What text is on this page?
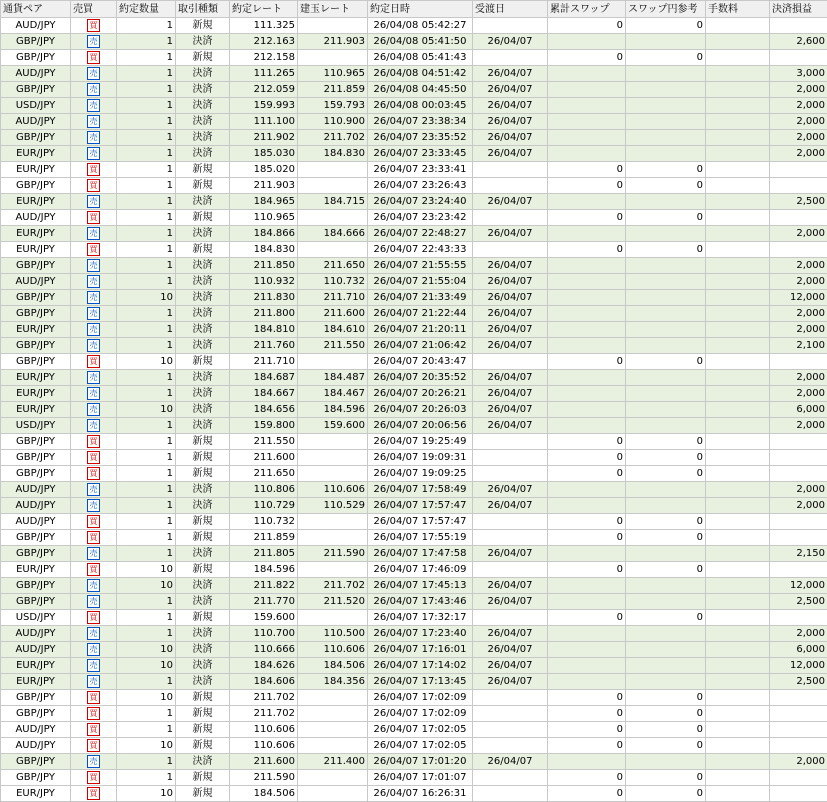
通貨ペア	売買	約定数量	取引種類	約定レート	建玉レート	約定日時	受渡日	累計スワップ	スワップ円参考	手数料	決済損益
AUD/JPY	買	1	新規	111.325		26/04/08 05:42:27		0	0		
GBP/JPY	売	1	決済	212.163	211.903	26/04/08 05:41:50	26/04/07				2,600
GBP/JPY	買	1	新規	212.158		26/04/08 05:41:43		0	0		
AUD/JPY	売	1	決済	111.265	110.965	26/04/08 04:51:42	26/04/07				3,000
GBP/JPY	売	1	決済	212.059	211.859	26/04/08 04:45:50	26/04/07				2,000
USD/JPY	売	1	決済	159.993	159.793	26/04/08 00:03:45	26/04/07				2,000
AUD/JPY	売	1	決済	111.100	110.900	26/04/07 23:38:34	26/04/07				2,000
GBP/JPY	売	1	決済	211.902	211.702	26/04/07 23:35:52	26/04/07				2,000
EUR/JPY	売	1	決済	185.030	184.830	26/04/07 23:33:45	26/04/07				2,000
EUR/JPY	買	1	新規	185.020		26/04/07 23:33:41		0	0		
GBP/JPY	買	1	新規	211.903		26/04/07 23:26:43		0	0		
EUR/JPY	売	1	決済	184.965	184.715	26/04/07 23:24:40	26/04/07				2,500
AUD/JPY	買	1	新規	110.965		26/04/07 23:23:42		0	0		
EUR/JPY	売	1	決済	184.866	184.666	26/04/07 22:48:27	26/04/07				2,000
EUR/JPY	買	1	新規	184.830		26/04/07 22:43:33		0	0		
GBP/JPY	売	1	決済	211.850	211.650	26/04/07 21:55:55	26/04/07				2,000
AUD/JPY	売	1	決済	110.932	110.732	26/04/07 21:55:04	26/04/07				2,000
GBP/JPY	売	10	決済	211.830	211.710	26/04/07 21:33:49	26/04/07				12,000
GBP/JPY	売	1	決済	211.800	211.600	26/04/07 21:22:44	26/04/07				2,000
EUR/JPY	売	1	決済	184.810	184.610	26/04/07 21:20:11	26/04/07				2,000
GBP/JPY	売	1	決済	211.760	211.550	26/04/07 21:06:42	26/04/07				2,100
GBP/JPY	買	10	新規	211.710		26/04/07 20:43:47		0	0		
EUR/JPY	売	1	決済	184.687	184.487	26/04/07 20:35:52	26/04/07				2,000
EUR/JPY	売	1	決済	184.667	184.467	26/04/07 20:26:21	26/04/07				2,000
EUR/JPY	売	10	決済	184.656	184.596	26/04/07 20:26:03	26/04/07				6,000
USD/JPY	売	1	決済	159.800	159.600	26/04/07 20:06:56	26/04/07				2,000
GBP/JPY	買	1	新規	211.550		26/04/07 19:25:49		0	0		
GBP/JPY	買	1	新規	211.600		26/04/07 19:09:31		0	0		
GBP/JPY	買	1	新規	211.650		26/04/07 19:09:25		0	0		
AUD/JPY	売	1	決済	110.806	110.606	26/04/07 17:58:49	26/04/07				2,000
AUD/JPY	売	1	決済	110.729	110.529	26/04/07 17:57:47	26/04/07				2,000
AUD/JPY	買	1	新規	110.732		26/04/07 17:57:47		0	0		
GBP/JPY	買	1	新規	211.859		26/04/07 17:55:19		0	0		
GBP/JPY	売	1	決済	211.805	211.590	26/04/07 17:47:58	26/04/07				2,150
EUR/JPY	買	10	新規	184.596		26/04/07 17:46:09		0	0		
GBP/JPY	売	10	決済	211.822	211.702	26/04/07 17:45:13	26/04/07				12,000
GBP/JPY	売	1	決済	211.770	211.520	26/04/07 17:43:46	26/04/07				2,500
USD/JPY	買	1	新規	159.600		26/04/07 17:32:17		0	0		
AUD/JPY	売	1	決済	110.700	110.500	26/04/07 17:23:40	26/04/07				2,000
AUD/JPY	売	10	決済	110.666	110.606	26/04/07 17:16:01	26/04/07				6,000
EUR/JPY	売	10	決済	184.626	184.506	26/04/07 17:14:02	26/04/07				12,000
EUR/JPY	売	1	決済	184.606	184.356	26/04/07 17:13:45	26/04/07				2,500
GBP/JPY	買	10	新規	211.702		26/04/07 17:02:09		0	0		
GBP/JPY	買	1	新規	211.702		26/04/07 17:02:09		0	0		
AUD/JPY	買	1	新規	110.606		26/04/07 17:02:05		0	0		
AUD/JPY	買	10	新規	110.606		26/04/07 17:02:05		0	0		
GBP/JPY	売	1	決済	211.600	211.400	26/04/07 17:01:20	26/04/07				2,000
GBP/JPY	買	1	新規	211.590		26/04/07 17:01:07		0	0		
EUR/JPY	買	10	新規	184.506		26/04/07 16:26:31		0	0		
